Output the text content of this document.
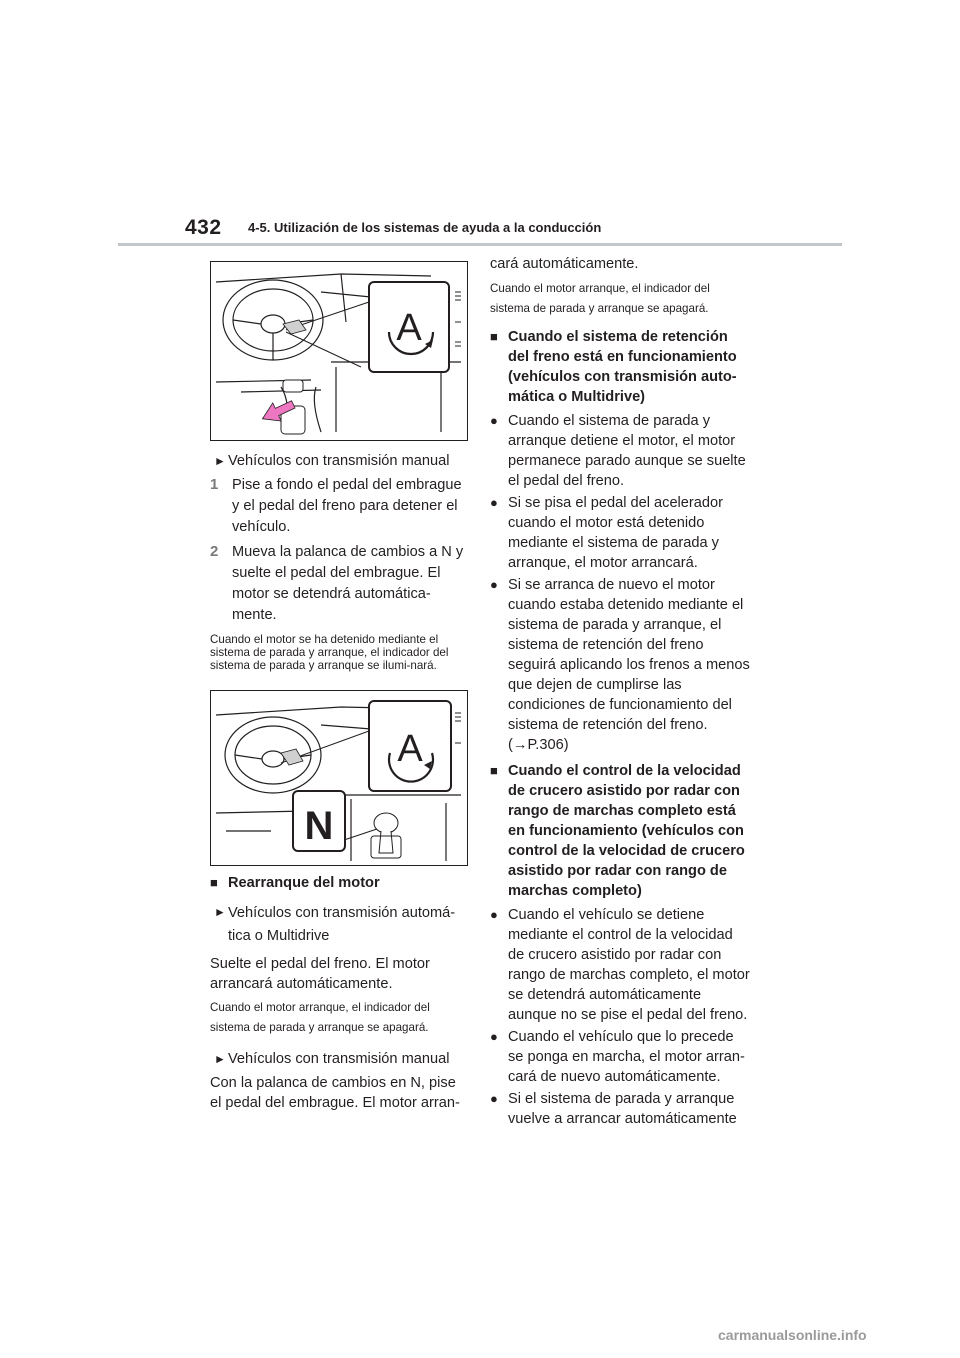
432 4-5. Utilización de los sistemas de ayuda a la conducción
A
► Vehículos con transmisión manual
1 Pise a fondo el pedal del embrague y el pedal del freno para detener el vehículo.
2 Mueva la palanca de cambios a N y suelte el pedal del embrague. El motor se detendrá automática-mente.

Cuando el motor se ha detenido mediante el sistema de parada y arranque, el indicador del sistema de parada y arranque se ilumi-nará.

A
N
■ Rearranque del motor
► Vehículos con transmisión automá-tica o Multidrive

Suelte el pedal del freno. El motor arrancará automáticamente.

Cuando el motor arranque, el indicador del sistema de parada y arranque se apagará.

► Vehículos con transmisión manual

Con la palanca de cambios en N, pise el pedal del embrague. El motor arran-

cará automáticamente.

Cuando el motor arranque, el indicador del sistema de parada y arranque se apagará.

■ Cuando el sistema de retención del freno está en funcionamiento (vehículos con transmisión auto-mática o Multidrive)
● Cuando el sistema de parada y arranque detiene el motor, el motor permanece parado aunque se suelte el pedal del freno.
● Si se pisa el pedal del acelerador cuando el motor está detenido mediante el sistema de parada y arranque, el motor arrancará.
● Si se arranca de nuevo el motor cuando estaba detenido mediante el sistema de parada y arranque, el sistema de retención del freno seguirá aplicando los frenos a menos que dejen de cumplirse las condiciones de funcionamiento del sistema de retención del freno. (→P.306)
■ Cuando el control de la velocidad de crucero asistido por radar con rango de marchas completo está en funcionamiento (vehículos con control de la velocidad de crucero asistido por radar con rango de marchas completo)
● Cuando el vehículo se detiene mediante el control de la velocidad de crucero asistido por radar con rango de marchas completo, el motor se detendrá automáticamente aunque no se pise el pedal del freno.
● Cuando el vehículo que lo precede se ponga en marcha, el motor arran-cará de nuevo automáticamente.
● Si el sistema de parada y arranque vuelve a arrancar automáticamente
carmanualsonline.info
